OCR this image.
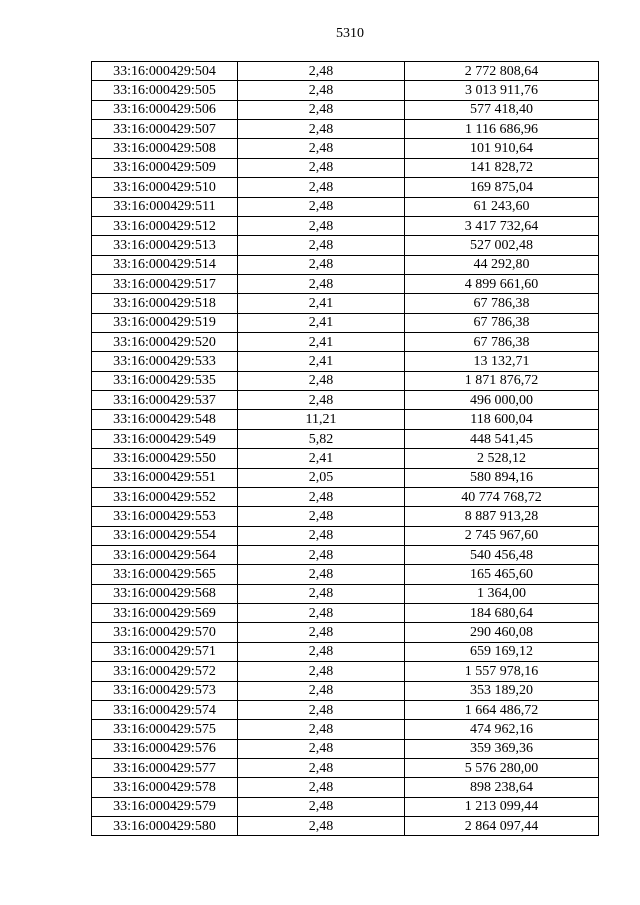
5310
33:16:000429:504	2,48	2 772 808,64
33:16:000429:505	2,48	3 013 911,76
33:16:000429:506	2,48	577 418,40
33:16:000429:507	2,48	1 116 686,96
33:16:000429:508	2,48	101 910,64
33:16:000429:509	2,48	141 828,72
33:16:000429:510	2,48	169 875,04
33:16:000429:511	2,48	61 243,60
33:16:000429:512	2,48	3 417 732,64
33:16:000429:513	2,48	527 002,48
33:16:000429:514	2,48	44 292,80
33:16:000429:517	2,48	4 899 661,60
33:16:000429:518	2,41	67 786,38
33:16:000429:519	2,41	67 786,38
33:16:000429:520	2,41	67 786,38
33:16:000429:533	2,41	13 132,71
33:16:000429:535	2,48	1 871 876,72
33:16:000429:537	2,48	496 000,00
33:16:000429:548	11,21	118 600,04
33:16:000429:549	5,82	448 541,45
33:16:000429:550	2,41	2 528,12
33:16:000429:551	2,05	580 894,16
33:16:000429:552	2,48	40 774 768,72
33:16:000429:553	2,48	8 887 913,28
33:16:000429:554	2,48	2 745 967,60
33:16:000429:564	2,48	540 456,48
33:16:000429:565	2,48	165 465,60
33:16:000429:568	2,48	1 364,00
33:16:000429:569	2,48	184 680,64
33:16:000429:570	2,48	290 460,08
33:16:000429:571	2,48	659 169,12
33:16:000429:572	2,48	1 557 978,16
33:16:000429:573	2,48	353 189,20
33:16:000429:574	2,48	1 664 486,72
33:16:000429:575	2,48	474 962,16
33:16:000429:576	2,48	359 369,36
33:16:000429:577	2,48	5 576 280,00
33:16:000429:578	2,48	898 238,64
33:16:000429:579	2,48	1 213 099,44
33:16:000429:580	2,48	2 864 097,44
